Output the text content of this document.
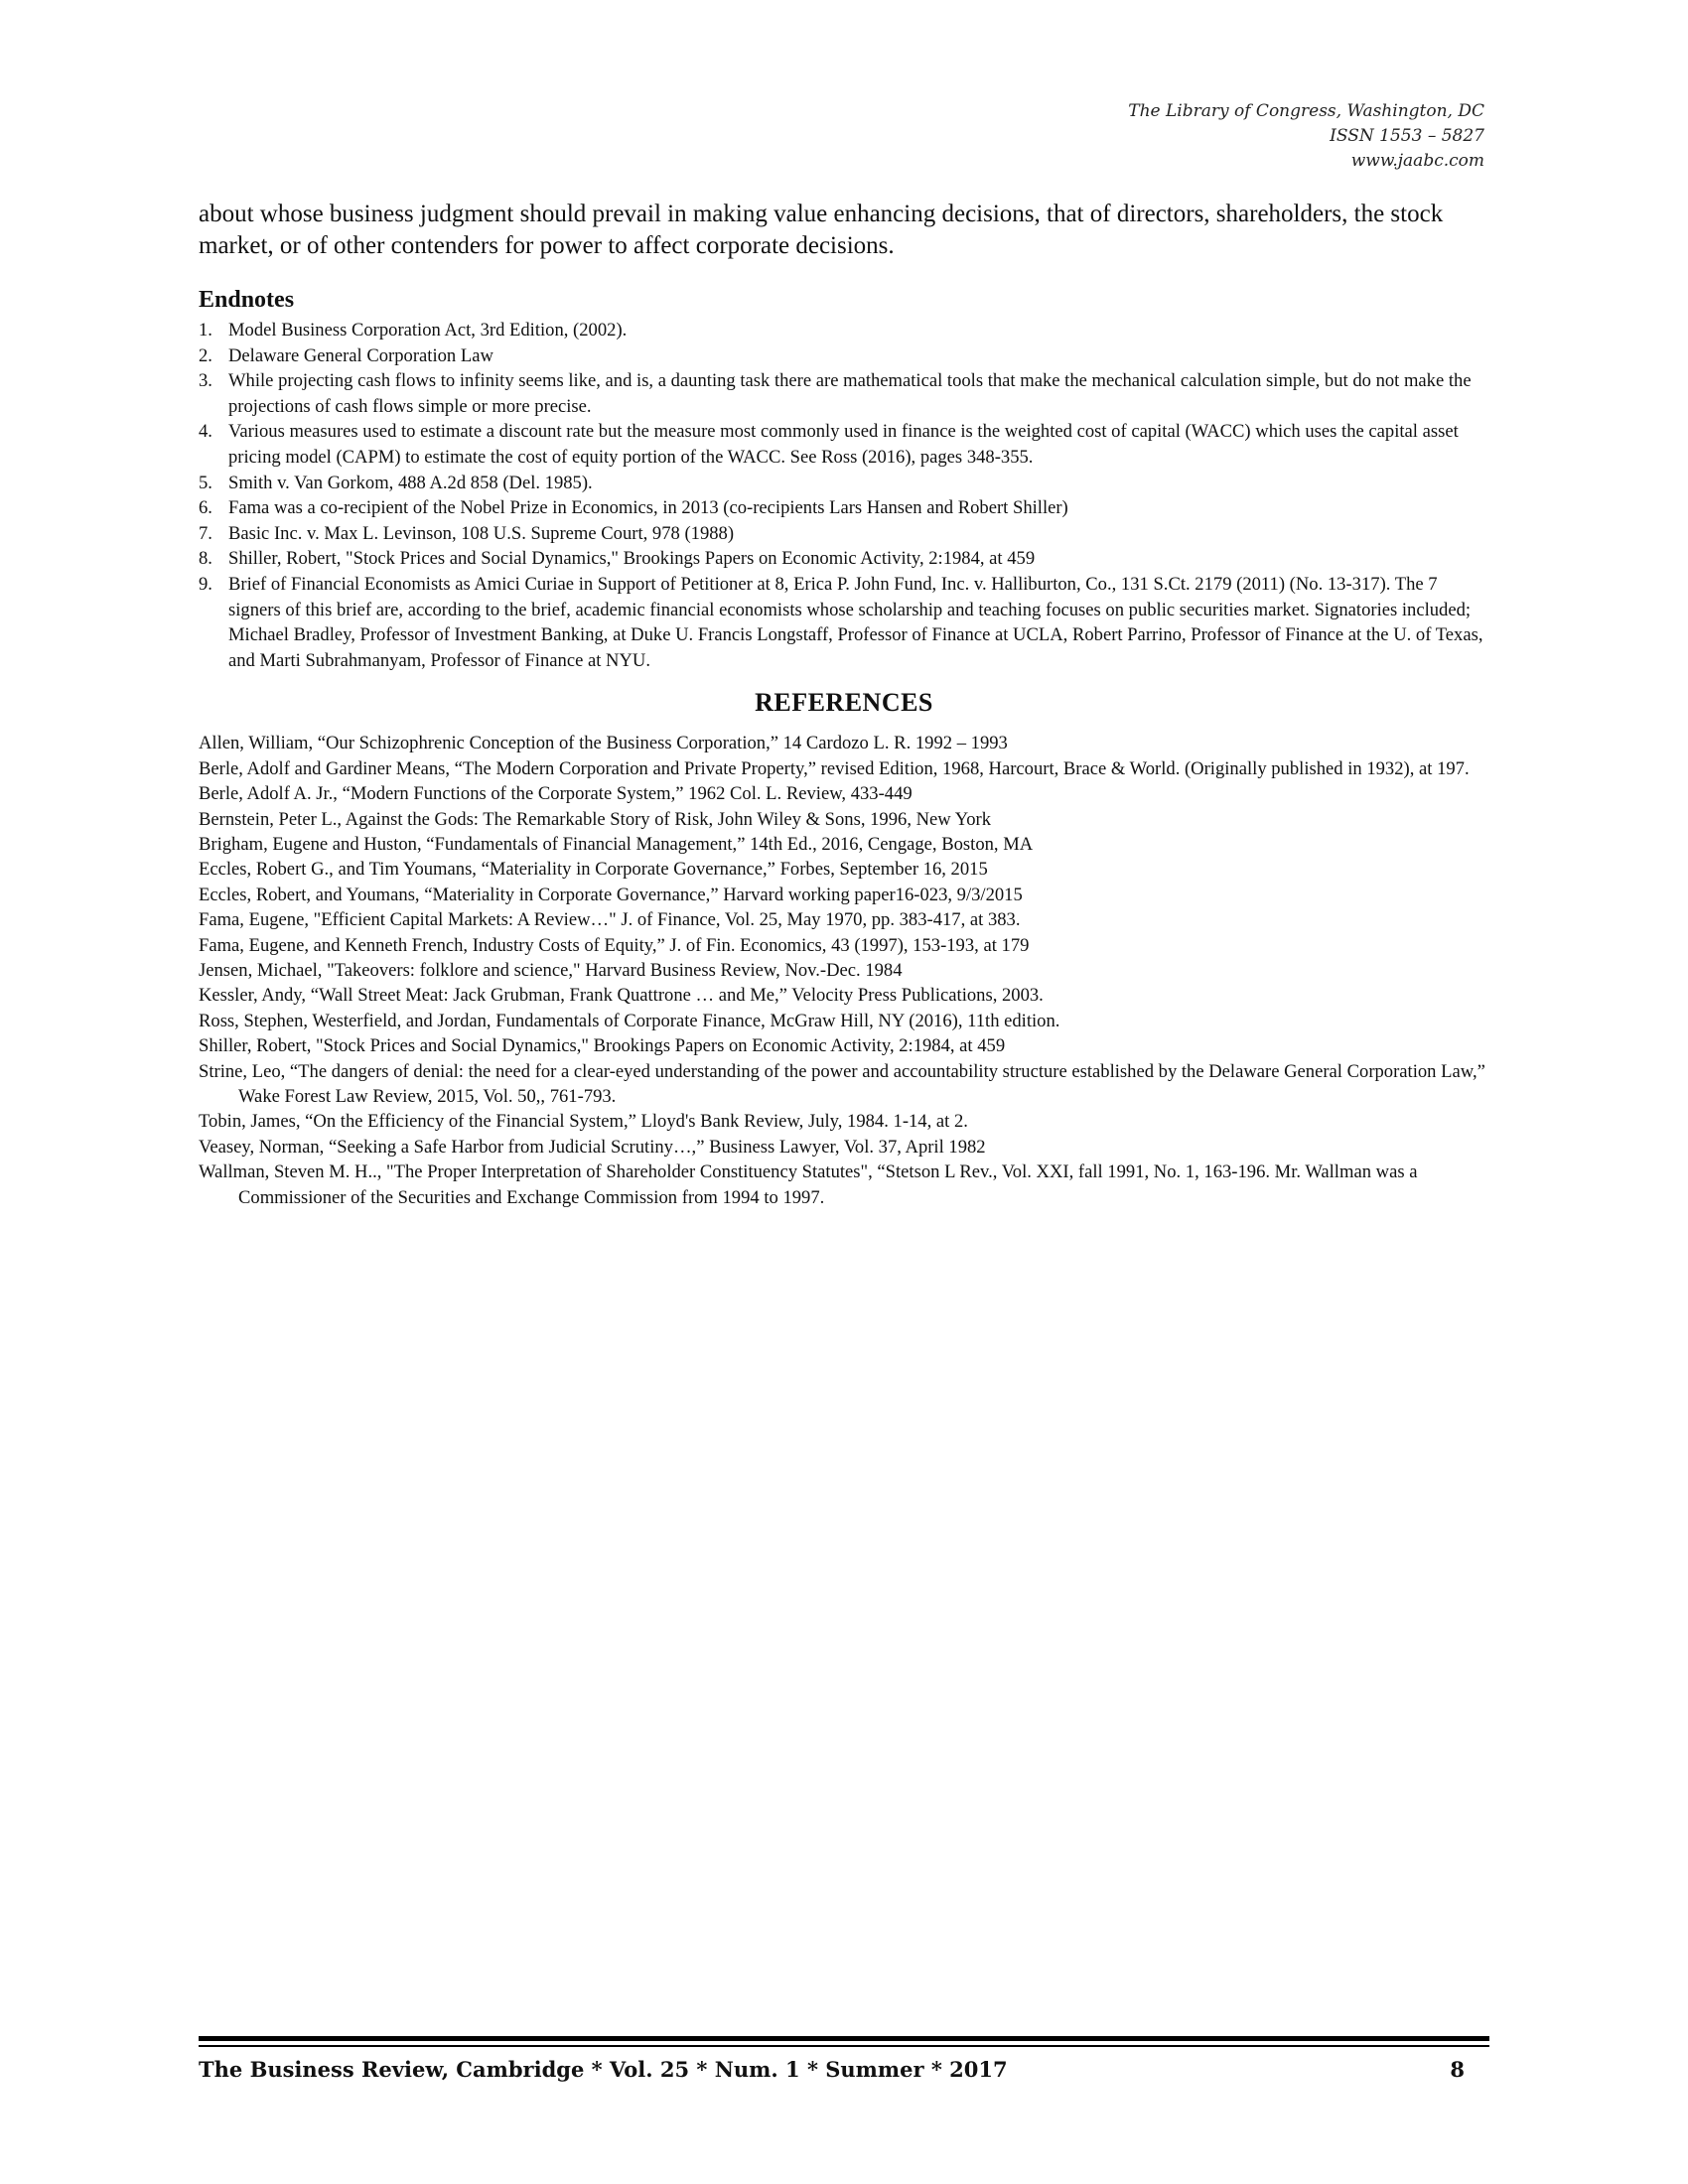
The Library of Congress, Washington, DC
ISSN 1553 – 5827
www.jaabc.com

about whose business judgment should prevail in making value enhancing decisions, that of directors, shareholders, the stock market, or of other contenders for power to affect corporate decisions.

Endnotes
1. Model Business Corporation Act, 3rd Edition, (2002).
2. Delaware General Corporation Law
3. While projecting cash flows to infinity seems like, and is, a daunting task there are mathematical tools that make the mechanical calculation simple, but do not make the projections of cash flows simple or more precise.
4. Various measures used to estimate a discount rate but the measure most commonly used in finance is the weighted cost of capital (WACC) which uses the capital asset pricing model (CAPM) to estimate the cost of equity portion of the WACC. See Ross (2016), pages 348-355.
5. Smith v. Van Gorkom, 488 A.2d 858 (Del. 1985).
6. Fama was a co-recipient of the Nobel Prize in Economics, in 2013 (co-recipients Lars Hansen and Robert Shiller)
7. Basic Inc. v. Max L. Levinson, 108 U.S. Supreme Court, 978 (1988)
8. Shiller, Robert, "Stock Prices and Social Dynamics," Brookings Papers on Economic Activity, 2:1984, at 459
9. Brief of Financial Economists as Amici Curiae in Support of Petitioner at 8, Erica P. John Fund, Inc. v. Halliburton, Co., 131 S.Ct. 2179 (2011) (No. 13-317). The 7 signers of this brief are, according to the brief, academic financial economists whose scholarship and teaching focuses on public securities market. Signatories included; Michael Bradley, Professor of Investment Banking, at Duke U. Francis Longstaff, Professor of Finance at UCLA, Robert Parrino, Professor of Finance at the U. of Texas, and Marti Subrahmanyam, Professor of Finance at NYU.
REFERENCES
Allen, William, “Our Schizophrenic Conception of the Business Corporation,” 14 Cardozo L. R. 1992 – 1993
Berle, Adolf and Gardiner Means, “The Modern Corporation and Private Property,” revised Edition, 1968, Harcourt, Brace & World. (Originally published in 1932), at 197.
Berle, Adolf A. Jr., “Modern Functions of the Corporate System,” 1962 Col. L. Review, 433-449
Bernstein, Peter L., Against the Gods: The Remarkable Story of Risk, John Wiley & Sons, 1996, New York
Brigham, Eugene and Huston, “Fundamentals of Financial Management,” 14th Ed., 2016, Cengage, Boston, MA
Eccles, Robert G., and Tim Youmans, “Materiality in Corporate Governance,” Forbes, September 16, 2015
Eccles, Robert, and Youmans, “Materiality in Corporate Governance,” Harvard working paper16-023, 9/3/2015
Fama, Eugene, "Efficient Capital Markets: A Review…" J. of Finance, Vol. 25, May 1970, pp. 383-417, at 383.
Fama, Eugene, and Kenneth French, Industry Costs of Equity,” J. of Fin. Economics, 43 (1997), 153-193, at 179
Jensen, Michael, "Takeovers: folklore and science," Harvard Business Review, Nov.-Dec. 1984
Kessler, Andy, “Wall Street Meat: Jack Grubman, Frank Quattrone … and Me,” Velocity Press Publications, 2003.
Ross, Stephen, Westerfield, and Jordan, Fundamentals of Corporate Finance, McGraw Hill, NY (2016), 11th edition.
Shiller, Robert, "Stock Prices and Social Dynamics," Brookings Papers on Economic Activity, 2:1984, at 459
Strine, Leo, “The dangers of denial: the need for a clear-eyed understanding of the power and accountability structure established by the Delaware General Corporation Law,” Wake Forest Law Review, 2015, Vol. 50,, 761-793.
Tobin, James, “On the Efficiency of the Financial System,” Lloyd's Bank Review, July, 1984. 1-14, at 2.
Veasey, Norman, “Seeking a Safe Harbor from Judicial Scrutiny…,” Business Lawyer, Vol. 37, April 1982
Wallman, Steven M. H.., "The Proper Interpretation of Shareholder Constituency Statutes", “Stetson L Rev., Vol. XXI, fall 1991, No. 1, 163-196. Mr. Wallman was a Commissioner of the Securities and Exchange Commission from 1994 to 1997.
The Business Review, Cambridge * Vol. 25 * Num. 1 * Summer * 2017	8
